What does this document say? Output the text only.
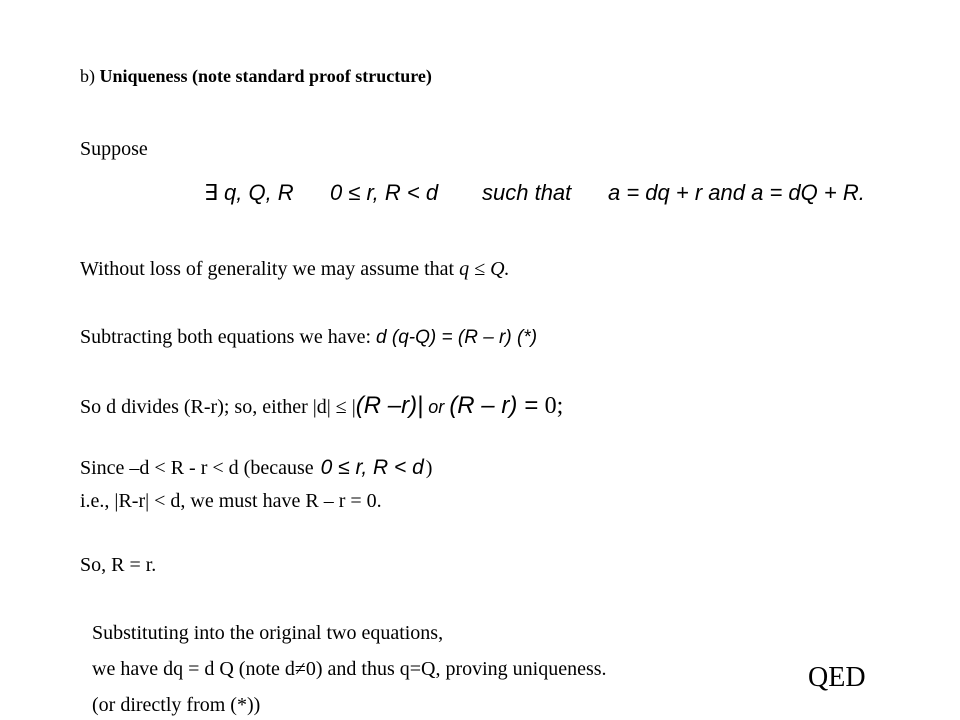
b) Uniqueness (note standard proof structure)
Suppose
∃ q, Q, R 0 ≤ r, R < d such that a = dq + r and a = dQ + R.
Without loss of generality we may assume that q ≤ Q.
Subtracting both equations we have: d (q-Q) = (R – r) (*)
So d divides (R-r); so, either |d| ≤ |(R –r)| or (R – r) = 0;
Since –d < R - r < d (because 0 ≤ r, R < d )
i.e., |R-r| < d, we must have R – r = 0.
So, R = r.
Substituting into the original two equations,
we have dq = d Q (note d≠0) and thus q=Q, proving uniqueness.
(or directly from (*))
QED
